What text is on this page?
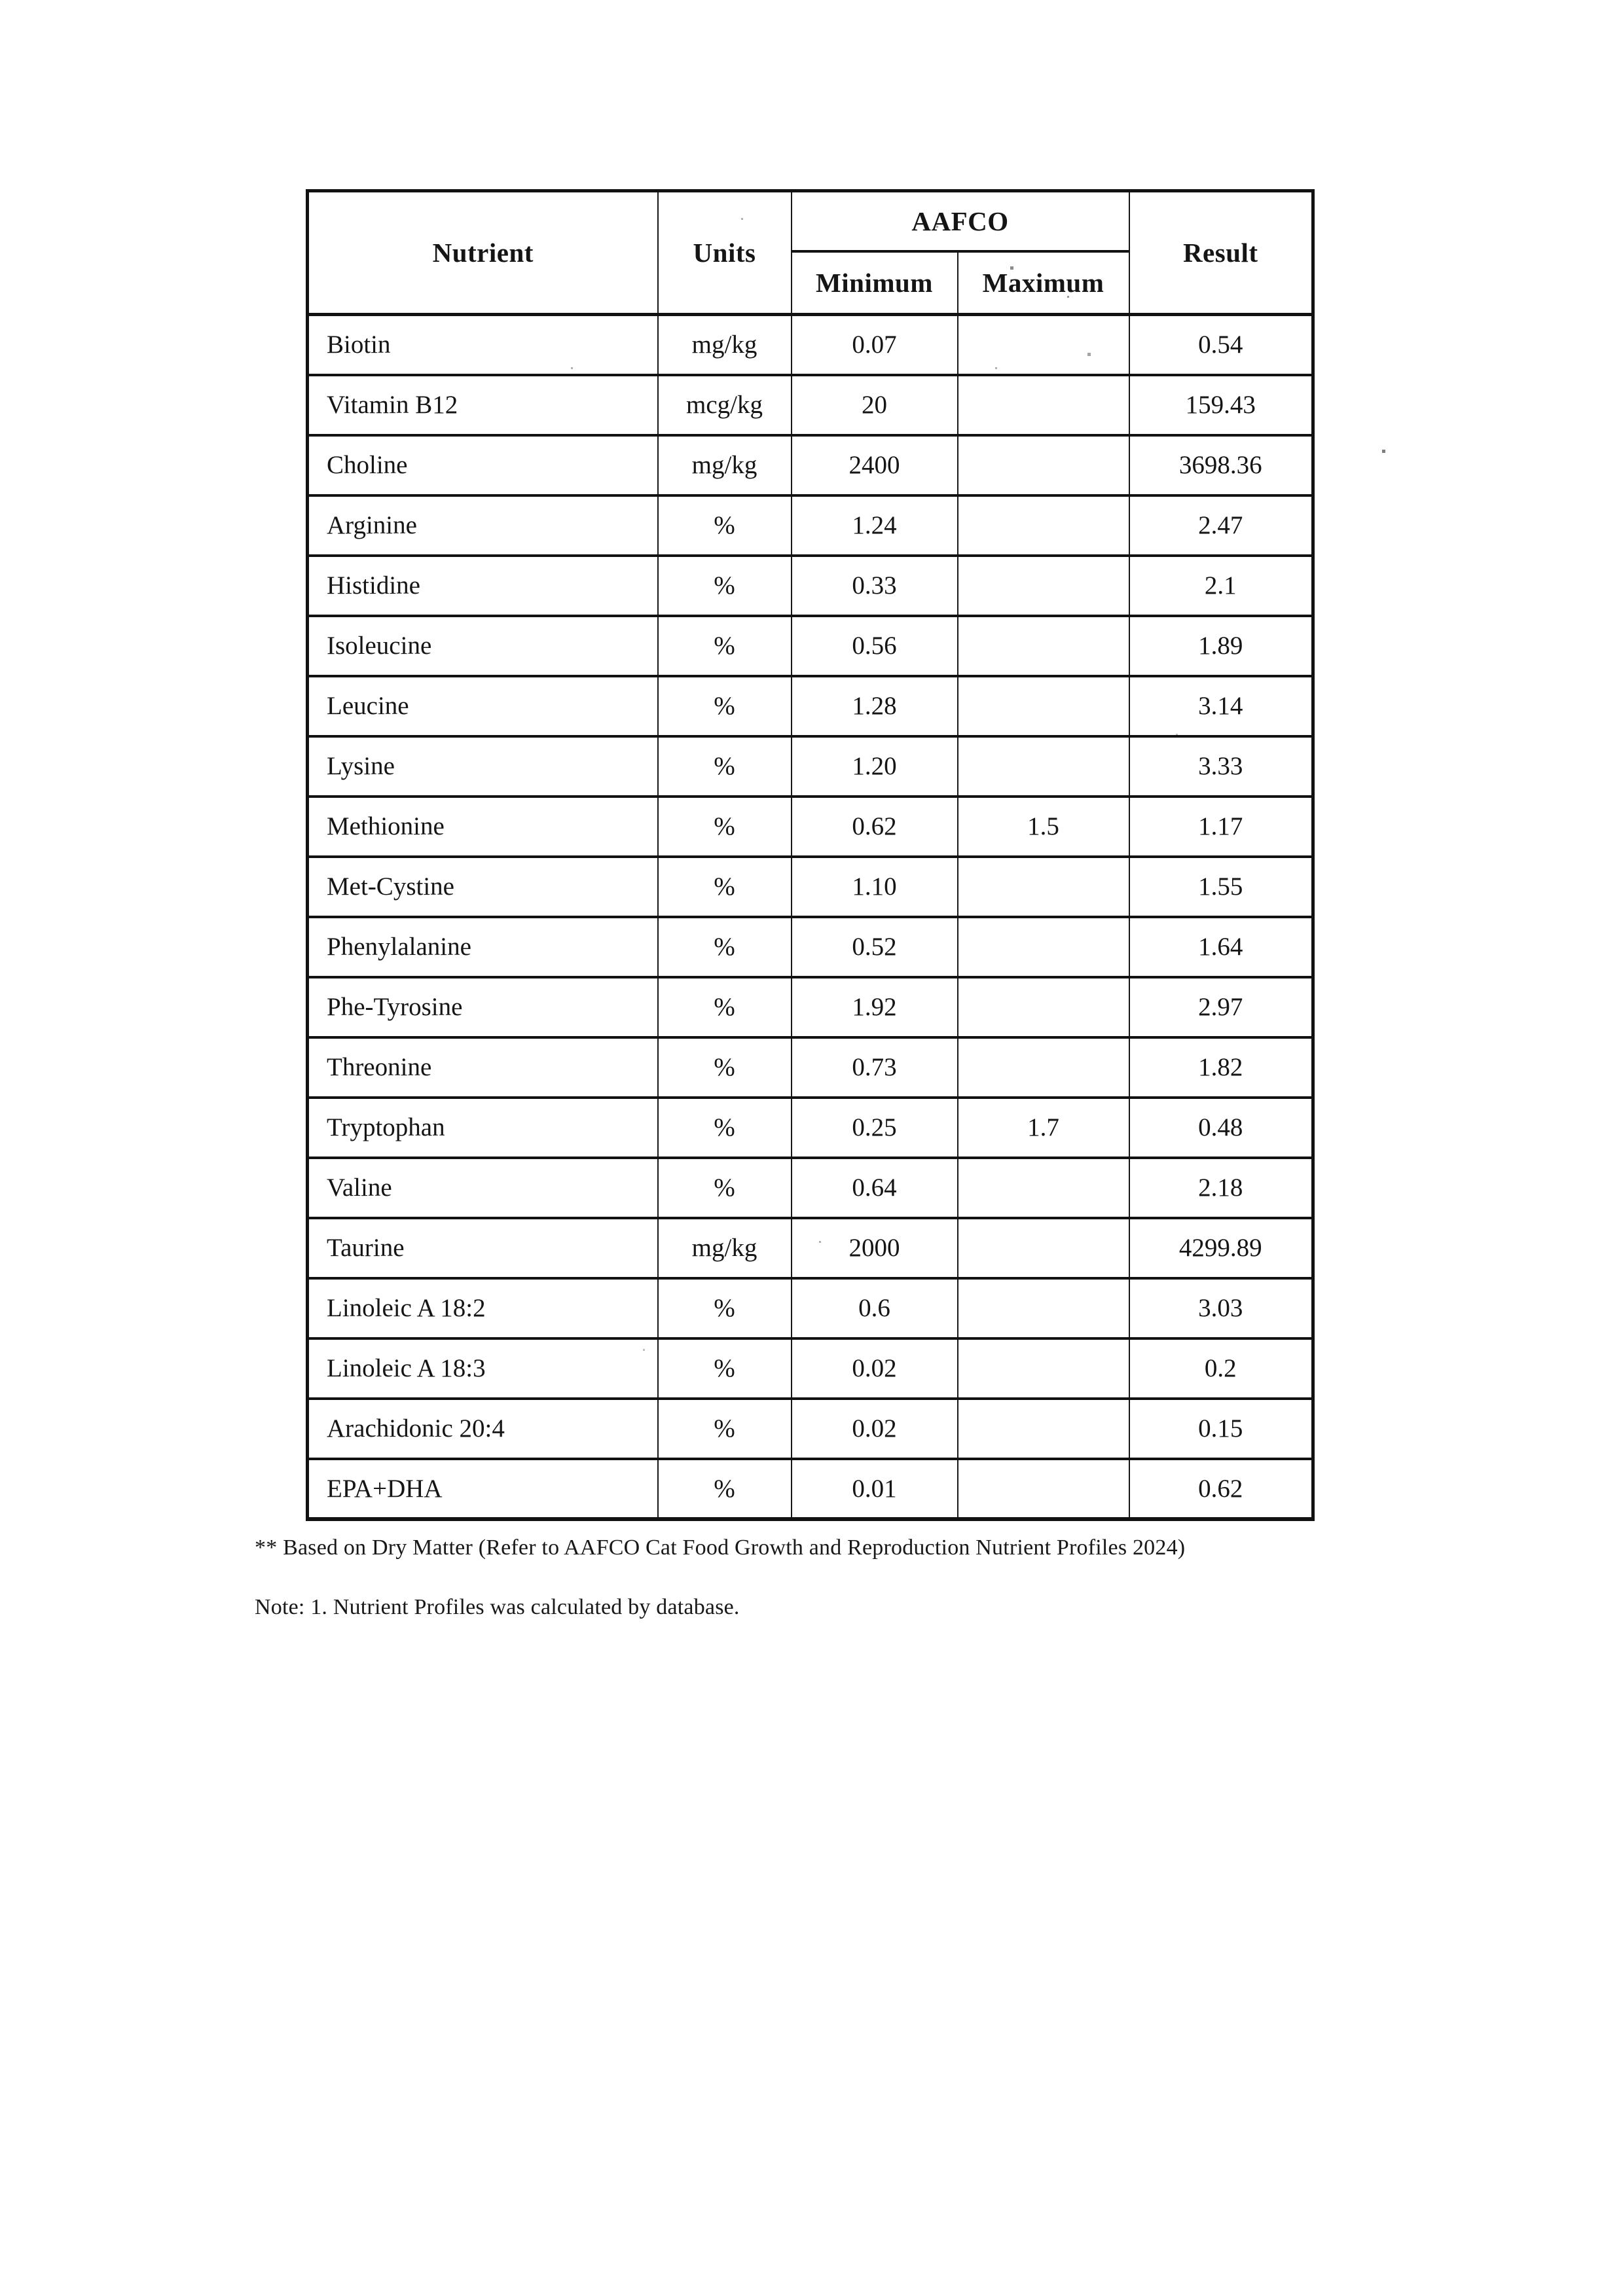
Nutrient	Units	AAFCO		Result
		Minimum	Maximum	
Biotin	mg/kg	0.07		0.54
Vitamin B12	mcg/kg	20		159.43
Choline	mg/kg	2400		3698.36
Arginine	%	1.24		2.47
Histidine	%	0.33		2.1
Isoleucine	%	0.56		1.89
Leucine	%	1.28		3.14
Lysine	%	1.20		3.33
Methionine	%	0.62	1.5	1.17
Met-Cystine	%	1.10		1.55
Phenylalanine	%	0.52		1.64
Phe-Tyrosine	%	1.92		2.97
Threonine	%	0.73		1.82
Tryptophan	%	0.25	1.7	0.48
Valine	%	0.64		2.18
Taurine	mg/kg	2000		4299.89
Linoleic A 18:2	%	0.6		3.03
Linoleic A 18:3	%	0.02		0.2
Arachidonic 20:4	%	0.02		0.15
EPA+DHA	%	0.01		0.62

** Based on Dry Matter (Refer to AAFCO Cat Food Growth and Reproduction Nutrient Profiles 2024)

Note: 1. Nutrient Profiles was calculated by database.
